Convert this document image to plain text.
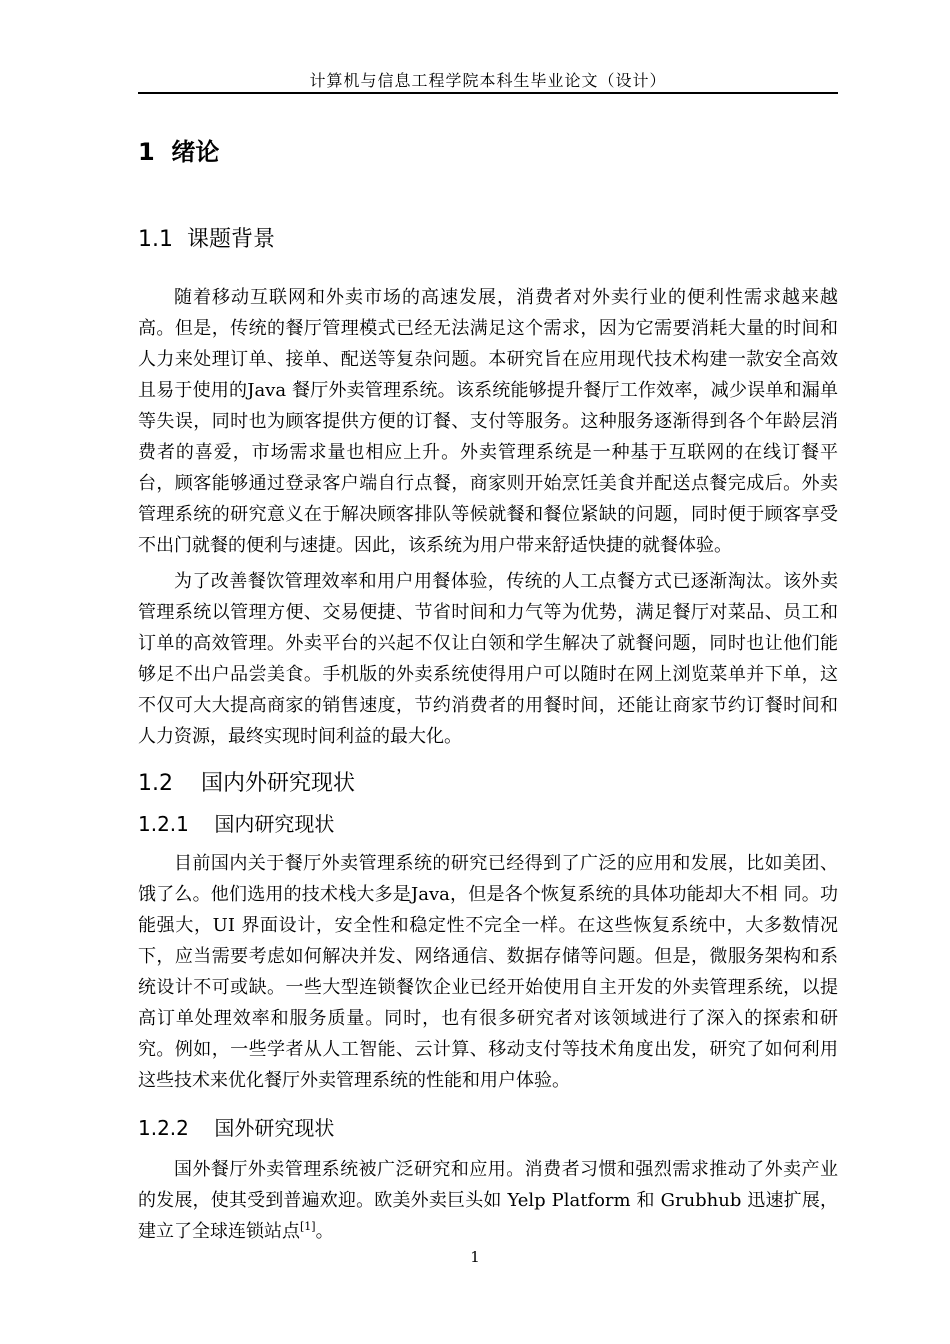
计算机与信息工程学院本科生毕业论文（设计）
1 绪论
1.1 课题背景

随着移动互联网和外卖市场的高速发展，消费者对外卖行业的便利性需求越来越高。但是，传统的餐厅管理模式已经无法满足这个需求，因为它需要消耗大量的时间和人力来处理订单、接单、配送等复杂问题。本研究旨在应用现代技术构建一款安全高效且易于使用的Java 餐厅外卖管理系统。该系统能够提升餐厅工作效率，减少误单和漏单等失误，同时也为顾客提供方便的订餐、支付等服务。这种服务逐渐得到各个年龄层消费者的喜爱，市场需求量也相应上升。外卖管理系统是一种基于互联网的在线订餐平台，顾客能够通过登录客户端自行点餐，商家则开始烹饪美食并配送点餐完成后。外卖管理系统的研究意义在于解决顾客排队等候就餐和餐位紧缺的问题，同时便于顾客享受不出门就餐的便利与速捷。因此，该系统为用户带来舒适快捷的就餐体验。

为了改善餐饮管理效率和用户用餐体验，传统的人工点餐方式已逐渐淘汰。该外卖管理系统以管理方便、交易便捷、节省时间和力气等为优势，满足餐厅对菜品、员工和订单的高效管理。外卖平台的兴起不仅让白领和学生解决了就餐问题，同时也让他们能够足不出户品尝美食。手机版的外卖系统使得用户可以随时在网上浏览菜单并下单，这不仅可大大提高商家的销售速度，节约消费者的用餐时间，还能让商家节约订餐时间和人力资源，最终实现时间利益的最大化。

1.2 国内外研究现状
1.2.1 国内研究现状

目前国内关于餐厅外卖管理系统的研究已经得到了广泛的应用和发展，比如美团、饿了么。他们选用的技术栈大多是Java，但是各个恢复系统的具体功能却大不相 同。功能强大，UI 界面设计，安全性和稳定性不完全一样。在这些恢复系统中，大多数情况下，应当需要考虑如何解决并发、网络通信、数据存储等问题。但是，微服务架构和系统设计不可或缺。一些大型连锁餐饮企业已经开始使用自主开发的外卖管理系统，以提高订单处理效率和服务质量。同时，也有很多研究者对该领域进行了深入的探索和研究。例如，一些学者从人工智能、云计算、移动支付等技术角度出发，研究了如何利用这些技术来优化餐厅外卖管理系统的性能和用户体验。

1.2.2 国外研究现状

国外餐厅外卖管理系统被广泛研究和应用。消费者习惯和强烈需求推动了外卖产业的发展，使其受到普遍欢迎。欧美外卖巨头如 Yelp Platform 和 Grubhub 迅速扩展，建立了全球连锁站点[1]。

1
